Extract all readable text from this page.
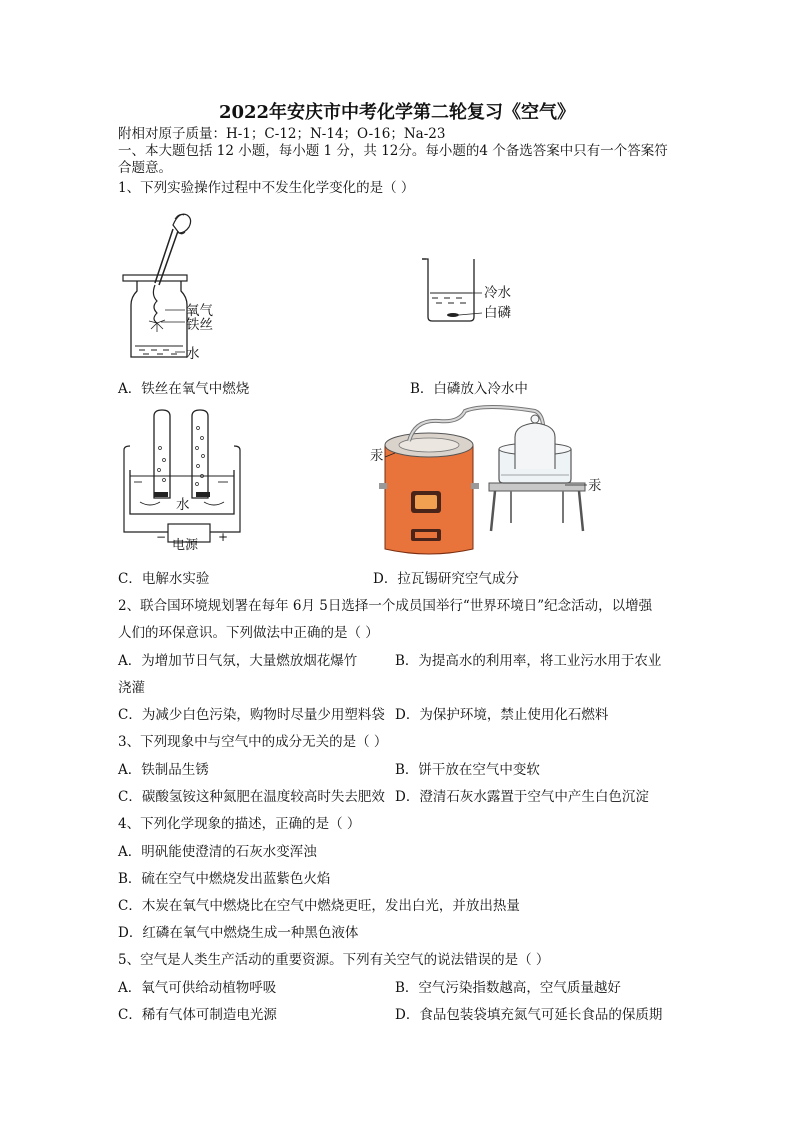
2022年安庆市中考化学第二轮复习《空气》
附相对原子质量：H-1；C-12；N-14；O-16；Na-23
一、本大题包括 12 小题，每小题 1 分，共 12分。每小题的4 个备选答案中只有一个答案符
合题意。
1、下列实验操作过程中不发生化学变化的是（ ）
氧气
铁丝
水
冷水
白磷
A．铁丝在氧气中燃烧	B．白磷放入冷水中
水
电源
−	+
汞
汞
C．电解水实验	D．拉瓦锡研究空气成分
2、联合国环境规划署在每年 6月 5日选择一个成员国举行“世界环境日”纪念活动，以增强
人们的环保意识。下列做法中正确的是（ ）
A．为增加节日气氛，大量燃放烟花爆竹	B．为提高水的利用率，将工业污水用于农业
浇灌
C．为减少白色污染，购物时尽量少用塑料袋 D．为保护环境，禁止使用化石燃料
3、下列现象中与空气中的成分无关的是（ ）
A．铁制品生锈	B．饼干放在空气中变软
C．碳酸氢铵这种氮肥在温度较高时失去肥效 D．澄清石灰水露置于空气中产生白色沉淀
4、下列化学现象的描述，正确的是（ ）
A．明矾能使澄清的石灰水变浑浊
B．硫在空气中燃烧发出蓝紫色火焰
C．木炭在氧气中燃烧比在空气中燃烧更旺，发出白光，并放出热量
D．红磷在氧气中燃烧生成一种黑色液体
5、空气是人类生产活动的重要资源。下列有关空气的说法错误的是（ ）
A．氧气可供给动植物呼吸	B．空气污染指数越高，空气质量越好
C．稀有气体可制造电光源	D．食品包装袋填充氮气可延长食品的保质期
